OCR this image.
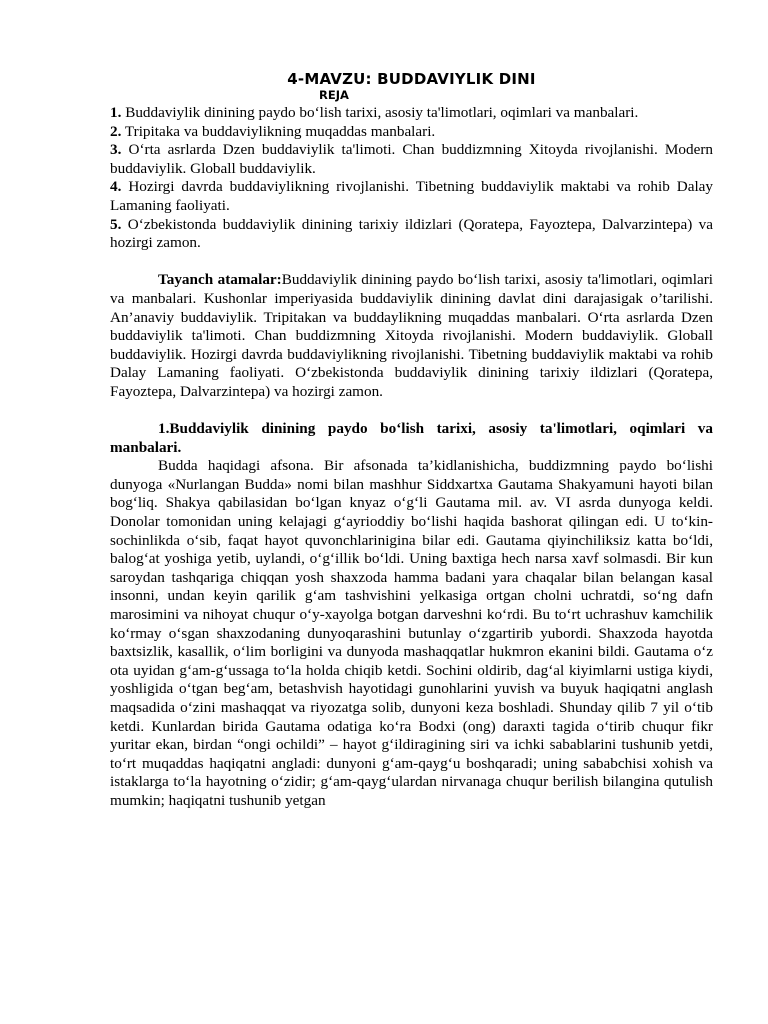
4-MAVZU: BUDDAVIYLIK DINI
REJA

1. Buddaviylik dinining paydo bo‘lish tarixi, asosiy ta'limotlari, oqimlari va manbalari.

2. Tripitaka va buddaviylikning muqaddas manbalari.

3. O‘rta asrlarda Dzen buddaviylik ta'limoti. Chan buddizmning Xitoyda rivojlanishi. Modern buddaviylik. Globall buddaviylik.

4. Hozirgi davrda buddaviylikning rivojlanishi. Tibetning buddaviylik maktabi va rohib Dalay Lamaning faoliyati.

5. O‘zbekistonda buddaviylik dinining tarixiy ildizlari (Qoratepa, Fayoztepa, Dalvarzintepa) va hozirgi zamon.

Tayanch atamalar:Buddaviylik dinining paydo bo‘lish tarixi, asosiy ta'limotlari, oqimlari va manbalari. Kushonlar imperiyasida buddaviylik dinining davlat dini darajasigak o’tarilishi. An’anaviy buddaviylik. Tripitakan va buddaylikning muqaddas manbalari. O‘rta asrlarda Dzen buddaviylik ta'limoti. Chan buddizmning Xitoyda rivojlanishi. Modern buddaviylik. Globall buddaviylik. Hozirgi davrda buddaviylikning rivojlanishi. Tibetning buddaviylik maktabi va rohib Dalay Lamaning faoliyati. O‘zbekistonda buddaviylik dinining tarixiy ildizlari (Qoratepa, Fayoztepa, Dalvarzintepa) va hozirgi zamon.

1.Buddaviylik dinining paydo bo‘lish tarixi, asosiy ta'limotlari, oqimlari va manbalari.

Budda haqidagi afsona. Bir afsonada ta’kidlanishicha, buddizmning paydo bo‘lishi dunyoga «Nurlangan Budda» nomi bilan mashhur Siddxartxa Gautama Shakyamuni hayoti bilan bog‘liq. Shakya qabilasidan bo‘lgan knyaz o‘g‘li Gautama mil. av. VI asrda dunyoga keldi. Donolar tomonidan uning kelajagi g‘ayrioddiy bo‘lishi haqida bashorat qilingan edi. U to‘kin-sochinlikda o‘sib, faqat hayot quvonchlariniginа bilar edi. Gautama qiyinchiliksiz katta bo‘ldi, balog‘at yoshiga yetib, uylandi, o‘g‘illik bo‘ldi. Uning baxtiga hech narsa xavf solmasdi. Bir kun saroydan tashqariga chiqqan yosh shaxzoda hamma badani yara chaqalar bilan belangan kasal insonni, undan keyin qarilik g‘am tashvishini yelkasiga ortgan cholni uchratdi, so‘ng dafn marosimini va nihoyat chuqur o‘y-xayolga botgan darveshni ko‘rdi. Bu to‘rt uchrashuv kamchilik ko‘rmay o‘sgan shaxzodaning dunyoqarashini butunlay o‘zgartirib yubordi. Shaxzoda hayotda baxtsizlik, kasallik, o‘lim borligini va dunyoda mashaqqatlar hukmron ekanini bildi. Gautama o‘z ota uyidan g‘am-g‘ussaga to‘la holda chiqib ketdi. Sochini oldirib, dag‘al kiyimlarni ustiga kiydi, yoshligida o‘tgan beg‘am, betashvish hayotidagi gunohlarini yuvish va buyuk haqiqatni anglash maqsadida o‘zini mashaqqat va riyozatga solib, dunyoni keza boshladi. Shunday qilib 7 yil o‘tib ketdi. Kunlardan birida Gautama odatiga ko‘ra Bodxi (ong) daraxti tagida o‘tirib chuqur fikr yuritar ekan, birdan “ongi ochildi” – hayot g‘ildiragining siri va ichki sabablarini tushunib yetdi, to‘rt muqaddas haqiqatni angladi: dunyoni g‘am-qayg‘u boshqaradi; uning sababchisi xohish va istaklarga to‘la hayotning o‘zidir; g‘am-qayg‘ulardan nirvanaga chuqur berilish bilangina qutulish mumkin; haqiqatni tushunib yetgan
